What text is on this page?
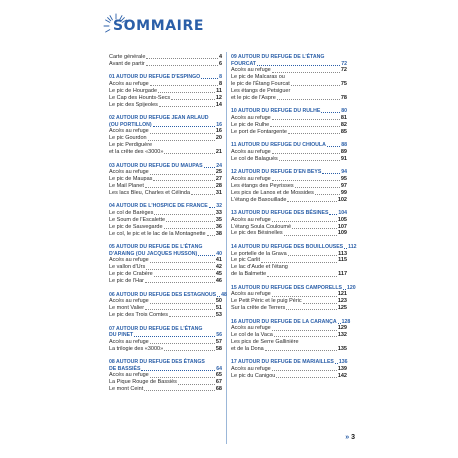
SOMMAIRE
Carte générale	4
Avant de partir	6
01 AUTOUR DU REFUGE D'ESPINGO	8
Accès au refuge	8
Le pic de Hourgade	11
Le Cap des Hounts-Secs	12
Le pic des Spijeoles	14
02 AUTOUR DU REFUGE JEAN ARLAUD
(OU PORTILLON)	16
Accès au refuge	16
Le pic Gourdon	20
Le pic Perdiguère
et la crête des «3000»	21
03 AUTOUR DU REFUGE DU MAUPAS	24
Accès au refuge	25
Le pic de Maupas	27
Le Mail Planet	28
Les lacs Bleu, Charles et Célinda	31
04 AUTOUR DE L'HOSPICE DE FRANCE 32
Le col de Barèges	33
Le Soum de l'Escalette	35
Le pic de Sauvegarde	36
Le col, le pic et le lac de la Montagnette 38
05 AUTOUR DU REFUGE DE L'ÉTANG
D'ARAING (OU JACQUES HUSSON)	40
Accès au refuge	41
Le vallon d'Urs	42
Le pic de Crabère	45
Le pic de l'Har	46
06 AUTOUR DU REFUGE DES ESTAGNOUS 48
Accès au refuge	50
Le mont Valier	51
Le pic des Trois Comtes	53
07 AUTOUR DU REFUGE DE L'ÉTANG
DU PINET	56
Accès au refuge	57
La trilogie des «3000»	58
08 AUTOUR DU REFUGE DES ÉTANGS
DE BASSIÈS	64
Accès au refuge	65
La Pique Rouge de Bassiès	67
Le mont Ceint	68
09 AUTOUR DU REFUGE DE L'ÉTANG
FOURCAT	72
Accès au refuge	72
Le pic de Malcaras ou
le pic de l'Étang Fourcat	75
Les étangs de Petsiguer
et le pic de l'Aspre	78
10 AUTOUR DU REFUGE DU RULHE	80
Accès au refuge	81
Le pic de Rulhe	82
Le port de Fontargente	85
11 AUTOUR DU REFUGE DU CHIOULA	88
Accès au refuge	89
Le col de Balaguès	91
12 AUTOUR DU REFUGE D'EN BEYS	94
Accès au refuge	95
Les étangs des Peyrisses	97
Les pics de Lanos et de Mossides	99
L'étang de Baxouillade	102
13 AUTOUR DU REFUGE DES BÉSINES 104
Accès au refuge	105
L'étang Soula Couloumé	107
Le pic des Bésinelles	109
14 AUTOUR DU REFUGE DES BOUILLOUSES 112
Le portelle de la Grava	113
Le pic Carlit	115
Le lac d'Aude et l'étang
de la Balmette	117
15 AUTOUR DU REFUGE DES CAMPORELLS 120
Accès au refuge	121
Le Petit Péric et le puig Péric	123
Sur la crête de Terrers	125
16 AUTOUR DU REFUGE DE LA CARANÇA 128
Accès au refuge	129
Le col de la Vaca	132
Les pics de Serre Gallinière
et de la Dona	135
17 AUTOUR DU REFUGE DE MARIAILLES 136
Accès au refuge	139
Le pic du Canigou	142
» 3
